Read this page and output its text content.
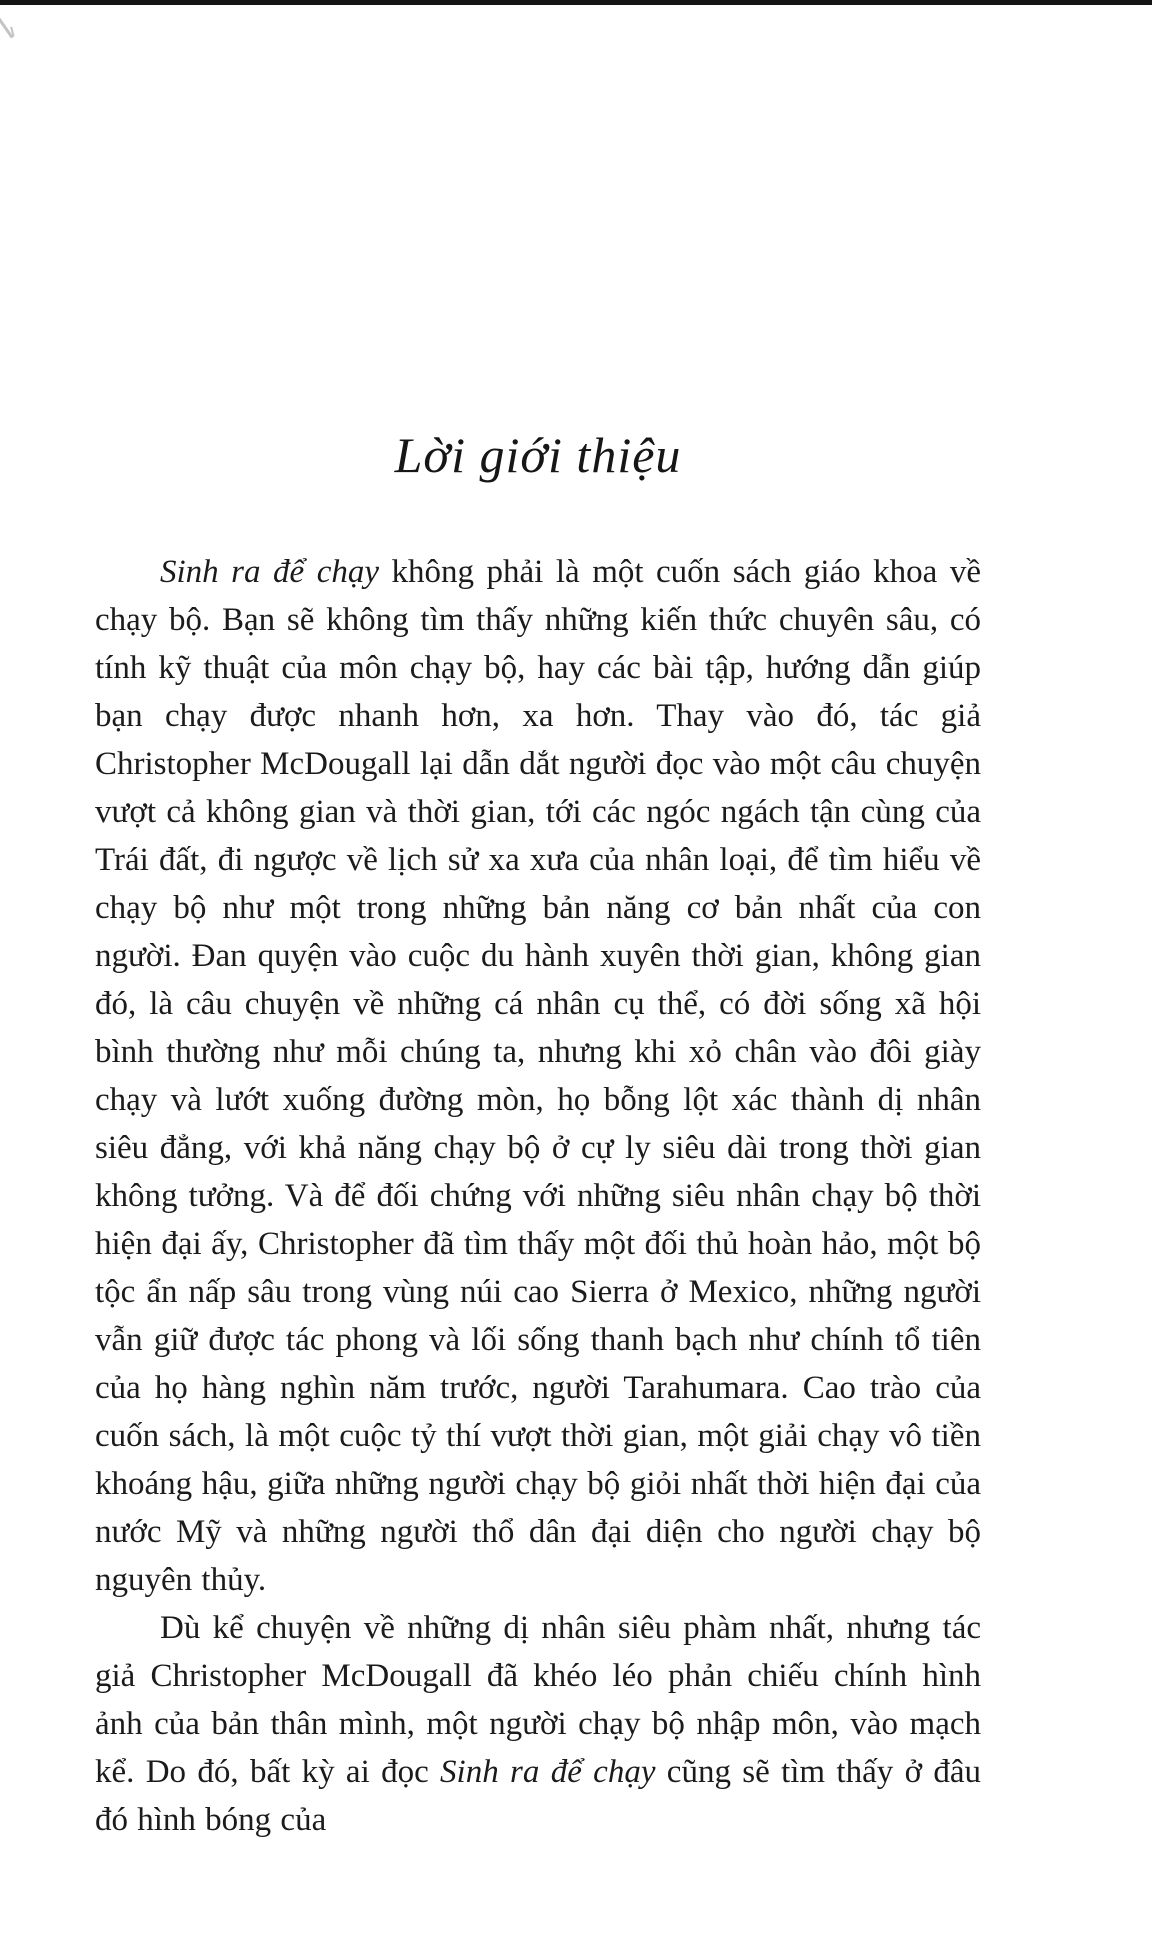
Lời giới thiệu

Sinh ra để chạy không phải là một cuốn sách giáo khoa về chạy bộ. Bạn sẽ không tìm thấy những kiến thức chuyên sâu, có tính kỹ thuật của môn chạy bộ, hay các bài tập, hướng dẫn giúp bạn chạy được nhanh hơn, xa hơn. Thay vào đó, tác giả Christopher McDougall lại dẫn dắt người đọc vào một câu chuyện vượt cả không gian và thời gian, tới các ngóc ngách tận cùng của Trái đất, đi ngược về lịch sử xa xưa của nhân loại, để tìm hiểu về chạy bộ như một trong những bản năng cơ bản nhất của con người. Đan quyện vào cuộc du hành xuyên thời gian, không gian đó, là câu chuyện về những cá nhân cụ thể, có đời sống xã hội bình thường như mỗi chúng ta, nhưng khi xỏ chân vào đôi giày chạy và lướt xuống đường mòn, họ bỗng lột xác thành dị nhân siêu đẳng, với khả năng chạy bộ ở cự ly siêu dài trong thời gian không tưởng. Và để đối chứng với những siêu nhân chạy bộ thời hiện đại ấy, Christopher đã tìm thấy một đối thủ hoàn hảo, một bộ tộc ẩn nấp sâu trong vùng núi cao Sierra ở Mexico, những người vẫn giữ được tác phong và lối sống thanh bạch như chính tổ tiên của họ hàng nghìn năm trước, người Tarahumara. Cao trào của cuốn sách, là một cuộc tỷ thí vượt thời gian, một giải chạy vô tiền khoáng hậu, giữa những người chạy bộ giỏi nhất thời hiện đại của nước Mỹ và những người thổ dân đại diện cho người chạy bộ nguyên thủy.

Dù kể chuyện về những dị nhân siêu phàm nhất, nhưng tác giả Christopher McDougall đã khéo léo phản chiếu chính hình ảnh của bản thân mình, một người chạy bộ nhập môn, vào mạch kể. Do đó, bất kỳ ai đọc Sinh ra để chạy cũng sẽ tìm thấy ở đâu đó hình bóng của
